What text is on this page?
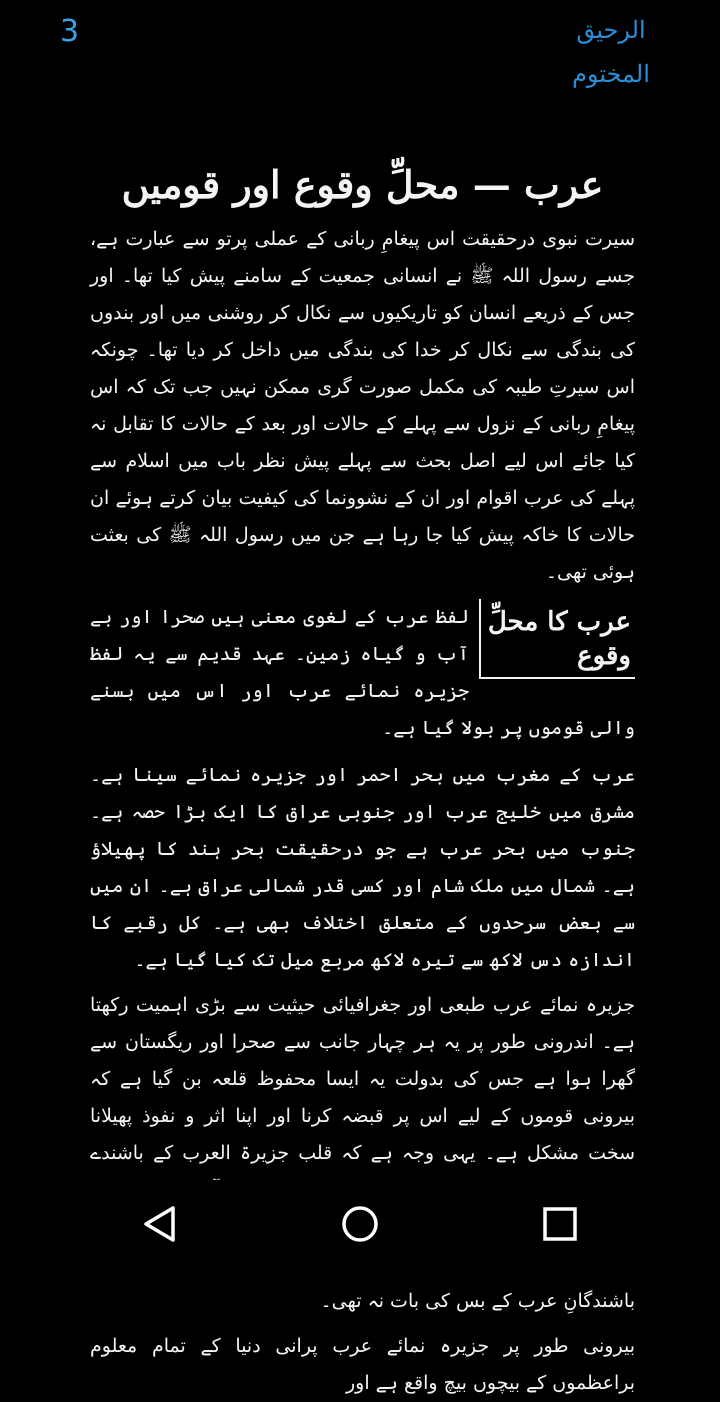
3	الرحیق المختوم
عرب — محلِّ وقوع اور قومیں

سیرت نبوی درحقیقت اس پیغامِ ربانی کے عملی پرتو سے عبارت ہے، جسے رسول اللہ ﷺ نے انسانی جمعیت کے سامنے پیش کیا تھا۔ اور جس کے ذریعے انسان کو تاریکیوں سے نکال کر روشنی میں اور بندوں کی بندگی سے نکال کر خدا کی بندگی میں داخل کر دیا تھا۔ چونکہ اس سیرتِ طیبہ کی مکمل صورت گری ممکن نہیں جب تک کہ اس پیغامِ ربانی کے نزول سے پہلے کے حالات اور بعد کے حالات کا تقابل نہ کیا جائے اس لیے اصل بحث سے پہلے پیش نظر باب میں اسلام سے پہلے کی عرب اقوام اور ان کے نشوونما کی کیفیت بیان کرتے ہوئے ان حالات کا خاکہ پیش کیا جا رہا ہے جن میں رسول اللہ ﷺ کی بعثت ہوئی تھی۔

عرب کا محلِّ وقوع

لفظ عرب کے لغوی معنی ہیں صحرا اور بے آب و گیاہ زمین۔ عہد قدیم سے یہ لفظ جزیرہ نمائے عرب اور اس میں بسنے والی قوموں پر بولا گیا ہے۔

عرب کے مغرب میں بحر احمر اور جزیرہ نمائے سینا ہے۔ مشرق میں خلیج عرب اور جنوبی عراق کا ایک بڑا حصہ ہے۔ جنوب میں بحر عرب ہے جو درحقیقت بحر ہند کا پھیلاؤ ہے۔ شمال میں ملک شام اور کسی قدر شمالی عراق ہے۔ ان میں سے بعض سرحدوں کے متعلق اختلاف بھی ہے۔ کل رقبے کا اندازہ دس لاکھ سے تیرہ لاکھ مربع میل تک کیا گیا ہے۔

جزیرہ نمائے عرب طبعی اور جغرافیائی حیثیت سے بڑی اہمیت رکھتا ہے۔ اندرونی طور پر یہ ہر چہار جانب سے صحرا اور ریگستان سے گھرا ہوا ہے جس کی بدولت یہ ایسا محفوظ قلعہ بن گیا ہے کہ بیرونی قوموں کے لیے اس پر قبضہ کرنا اور اپنا اثر و نفوذ پھیلانا سخت مشکل ہے۔ یہی وجہ ہے کہ قلب جزیرۃ العرب کے باشندے باشندگانِ عرب کے بس کی بات نہ تھی۔

بیرونی طور پر جزیرہ نمائے عرب پرانی دنیا کے تمام معلوم براعظموں کے بیچوں بیچ واقع ہے اور
